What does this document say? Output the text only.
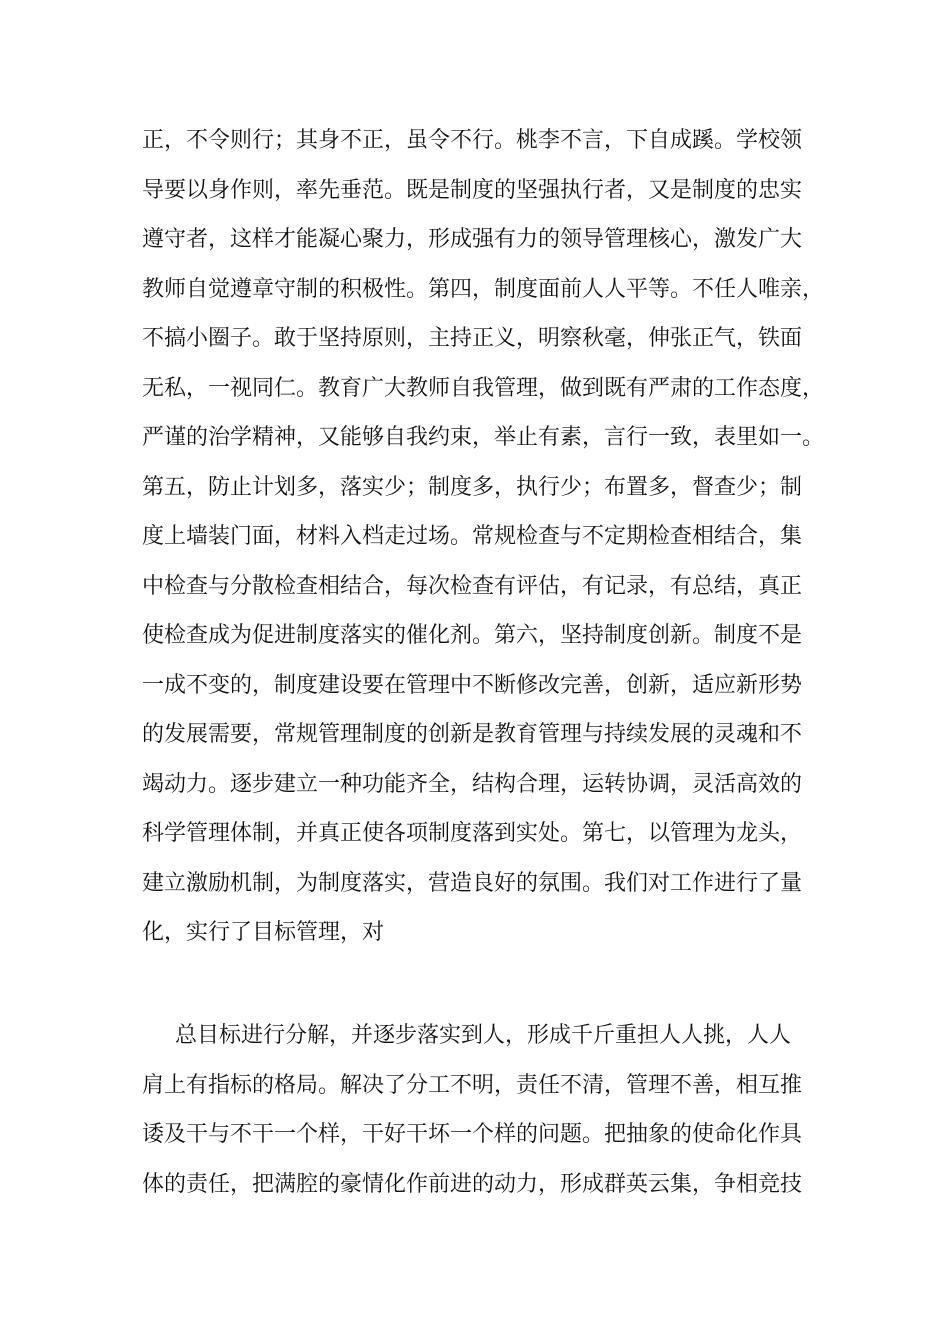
正，不令则行；其身不正，虽令不行。桃李不言，下自成蹊。学校领
导要以身作则，率先垂范。既是制度的坚强执行者，又是制度的忠实
遵守者，这样才能凝心聚力，形成强有力的领导管理核心，激发广大
教师自觉遵章守制的积极性。第四，制度面前人人平等。不任人唯亲，
不搞小圈子。敢于坚持原则，主持正义，明察秋毫，伸张正气，铁面
无私，一视同仁。教育广大教师自我管理，做到既有严肃的工作态度，
严谨的治学精神，又能够自我约束，举止有素，言行一致，表里如一。
第五，防止计划多，落实少；制度多，执行少；布置多，督查少；制
度上墙装门面，材料入档走过场。常规检查与不定期检查相结合，集
中检查与分散检查相结合，每次检查有评估，有记录，有总结，真正
使检查成为促进制度落实的催化剂。第六，坚持制度创新。制度不是
一成不变的，制度建设要在管理中不断修改完善，创新，适应新形势
的发展需要，常规管理制度的创新是教育管理与持续发展的灵魂和不
竭动力。逐步建立一种功能齐全，结构合理，运转协调，灵活高效的
科学管理体制，并真正使各项制度落到实处。第七，以管理为龙头，
建立激励机制，为制度落实，营造良好的氛围。我们对工作进行了量
化，实行了目标管理，对
总目标进行分解，并逐步落实到人，形成千斤重担人人挑，人人
肩上有指标的格局。解决了分工不明，责任不清，管理不善，相互推
诿及干与不干一个样，干好干坏一个样的问题。把抽象的使命化作具
体的责任，把满腔的豪情化作前进的动力，形成群英云集，争相竞技
